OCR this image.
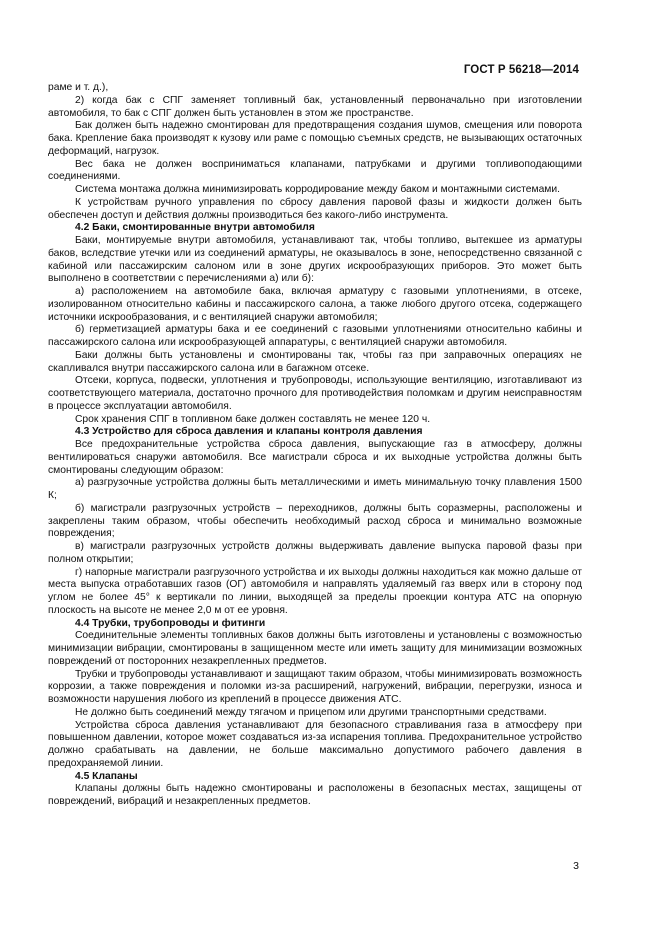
ГОСТ Р 56218—2014

раме и т. д.),

2) когда бак с СПГ заменяет топливный бак, установленный первоначально при изготовлении автомобиля, то бак с СПГ должен быть установлен в этом же пространстве.

Бак должен быть надежно смонтирован для предотвращения создания шумов, смещения или поворота бака. Крепление бака производят к кузову или раме с помощью съемных средств, не вызывающих остаточных деформаций, нагрузок.

Вес бака не должен восприниматься клапанами, патрубками и другими топливоподающими соединениями.

Система монтажа должна минимизировать корродирование между баком и монтажными системами.

К устройствам ручного управления по сбросу давления паровой фазы и жидкости должен быть обеспечен доступ и действия должны производиться без какого-либо инструмента.

4.2 Баки, смонтированные внутри автомобиля

Баки, монтируемые внутри автомобиля, устанавливают так, чтобы топливо, вытекшее из арматуры баков, вследствие утечки или из соединений арматуры, не оказывалось в зоне, непосредственно связанной с кабиной или пассажирским салоном или в зоне других искрообразующих приборов. Это может быть выполнено в соответствии с перечислениями а) или б):

а) расположением на автомобиле бака, включая арматуру с газовыми уплотнениями, в отсеке, изолированном относительно кабины и пассажирского салона, а также любого другого отсека, содержащего источники искрообразования, и с вентиляцией снаружи автомобиля;

б) герметизацией арматуры бака и ее соединений с газовыми уплотнениями относительно кабины и пассажирского салона или искрообразующей аппаратуры, с вентиляцией снаружи автомобиля.

Баки должны быть установлены и смонтированы так, чтобы газ при заправочных операциях не скапливался внутри пассажирского салона или в багажном отсеке.

Отсеки, корпуса, подвески, уплотнения и трубопроводы, использующие вентиляцию, изготавливают из соответствующего материала, достаточно прочного для противодействия поломкам и другим неисправностям в процессе эксплуатации автомобиля.

Срок хранения СПГ в топливном баке должен составлять не менее 120 ч.

4.3 Устройство для сброса давления и клапаны контроля давления

Все предохранительные устройства сброса давления, выпускающие газ в атмосферу, должны вентилироваться снаружи автомобиля. Все магистрали сброса и их выходные устройства должны быть смонтированы следующим образом:

а) разгрузочные устройства должны быть металлическими и иметь минимальную точку плавления 1500 К;

б) магистрали разгрузочных устройств – переходников, должны быть соразмерны, расположены и закреплены таким образом, чтобы обеспечить необходимый расход сброса и минимально возможные повреждения;

в) магистрали разгрузочных устройств должны выдерживать давление выпуска паровой фазы при полном открытии;

г) напорные магистрали разгрузочного устройства и их выходы должны находиться как можно дальше от места выпуска отработавших газов (ОГ) автомобиля и направлять удаляемый газ вверх или в сторону под углом не более 45° к вертикали по линии, выходящей за пределы проекции контура АТС на опорную плоскость на высоте не менее 2,0 м от ее уровня.

4.4 Трубки, трубопроводы и фитинги

Соединительные элементы топливных баков должны быть изготовлены и установлены с возможностью минимизации вибрации, смонтированы в защищенном месте или иметь защиту для минимизации возможных повреждений от посторонних незакрепленных предметов.

Трубки и трубопроводы устанавливают и защищают таким образом, чтобы минимизировать возможность коррозии, а также повреждения и поломки из-за расширений, нагружений, вибрации, перегрузки, износа и возможности нарушения любого из креплений в процессе движения АТС.

Не должно быть соединений между тягачом и прицепом или другими транспортными средствами.

Устройства сброса давления устанавливают для безопасного стравливания газа в атмосферу при повышенном давлении, которое может создаваться из-за испарения топлива. Предохранительное устройство должно срабатывать на давлении, не больше максимально допустимого рабочего давления в предохраняемой линии.

4.5 Клапаны

Клапаны должны быть надежно смонтированы и расположены в безопасных местах, защищены от повреждений, вибраций и незакрепленных предметов.

3
